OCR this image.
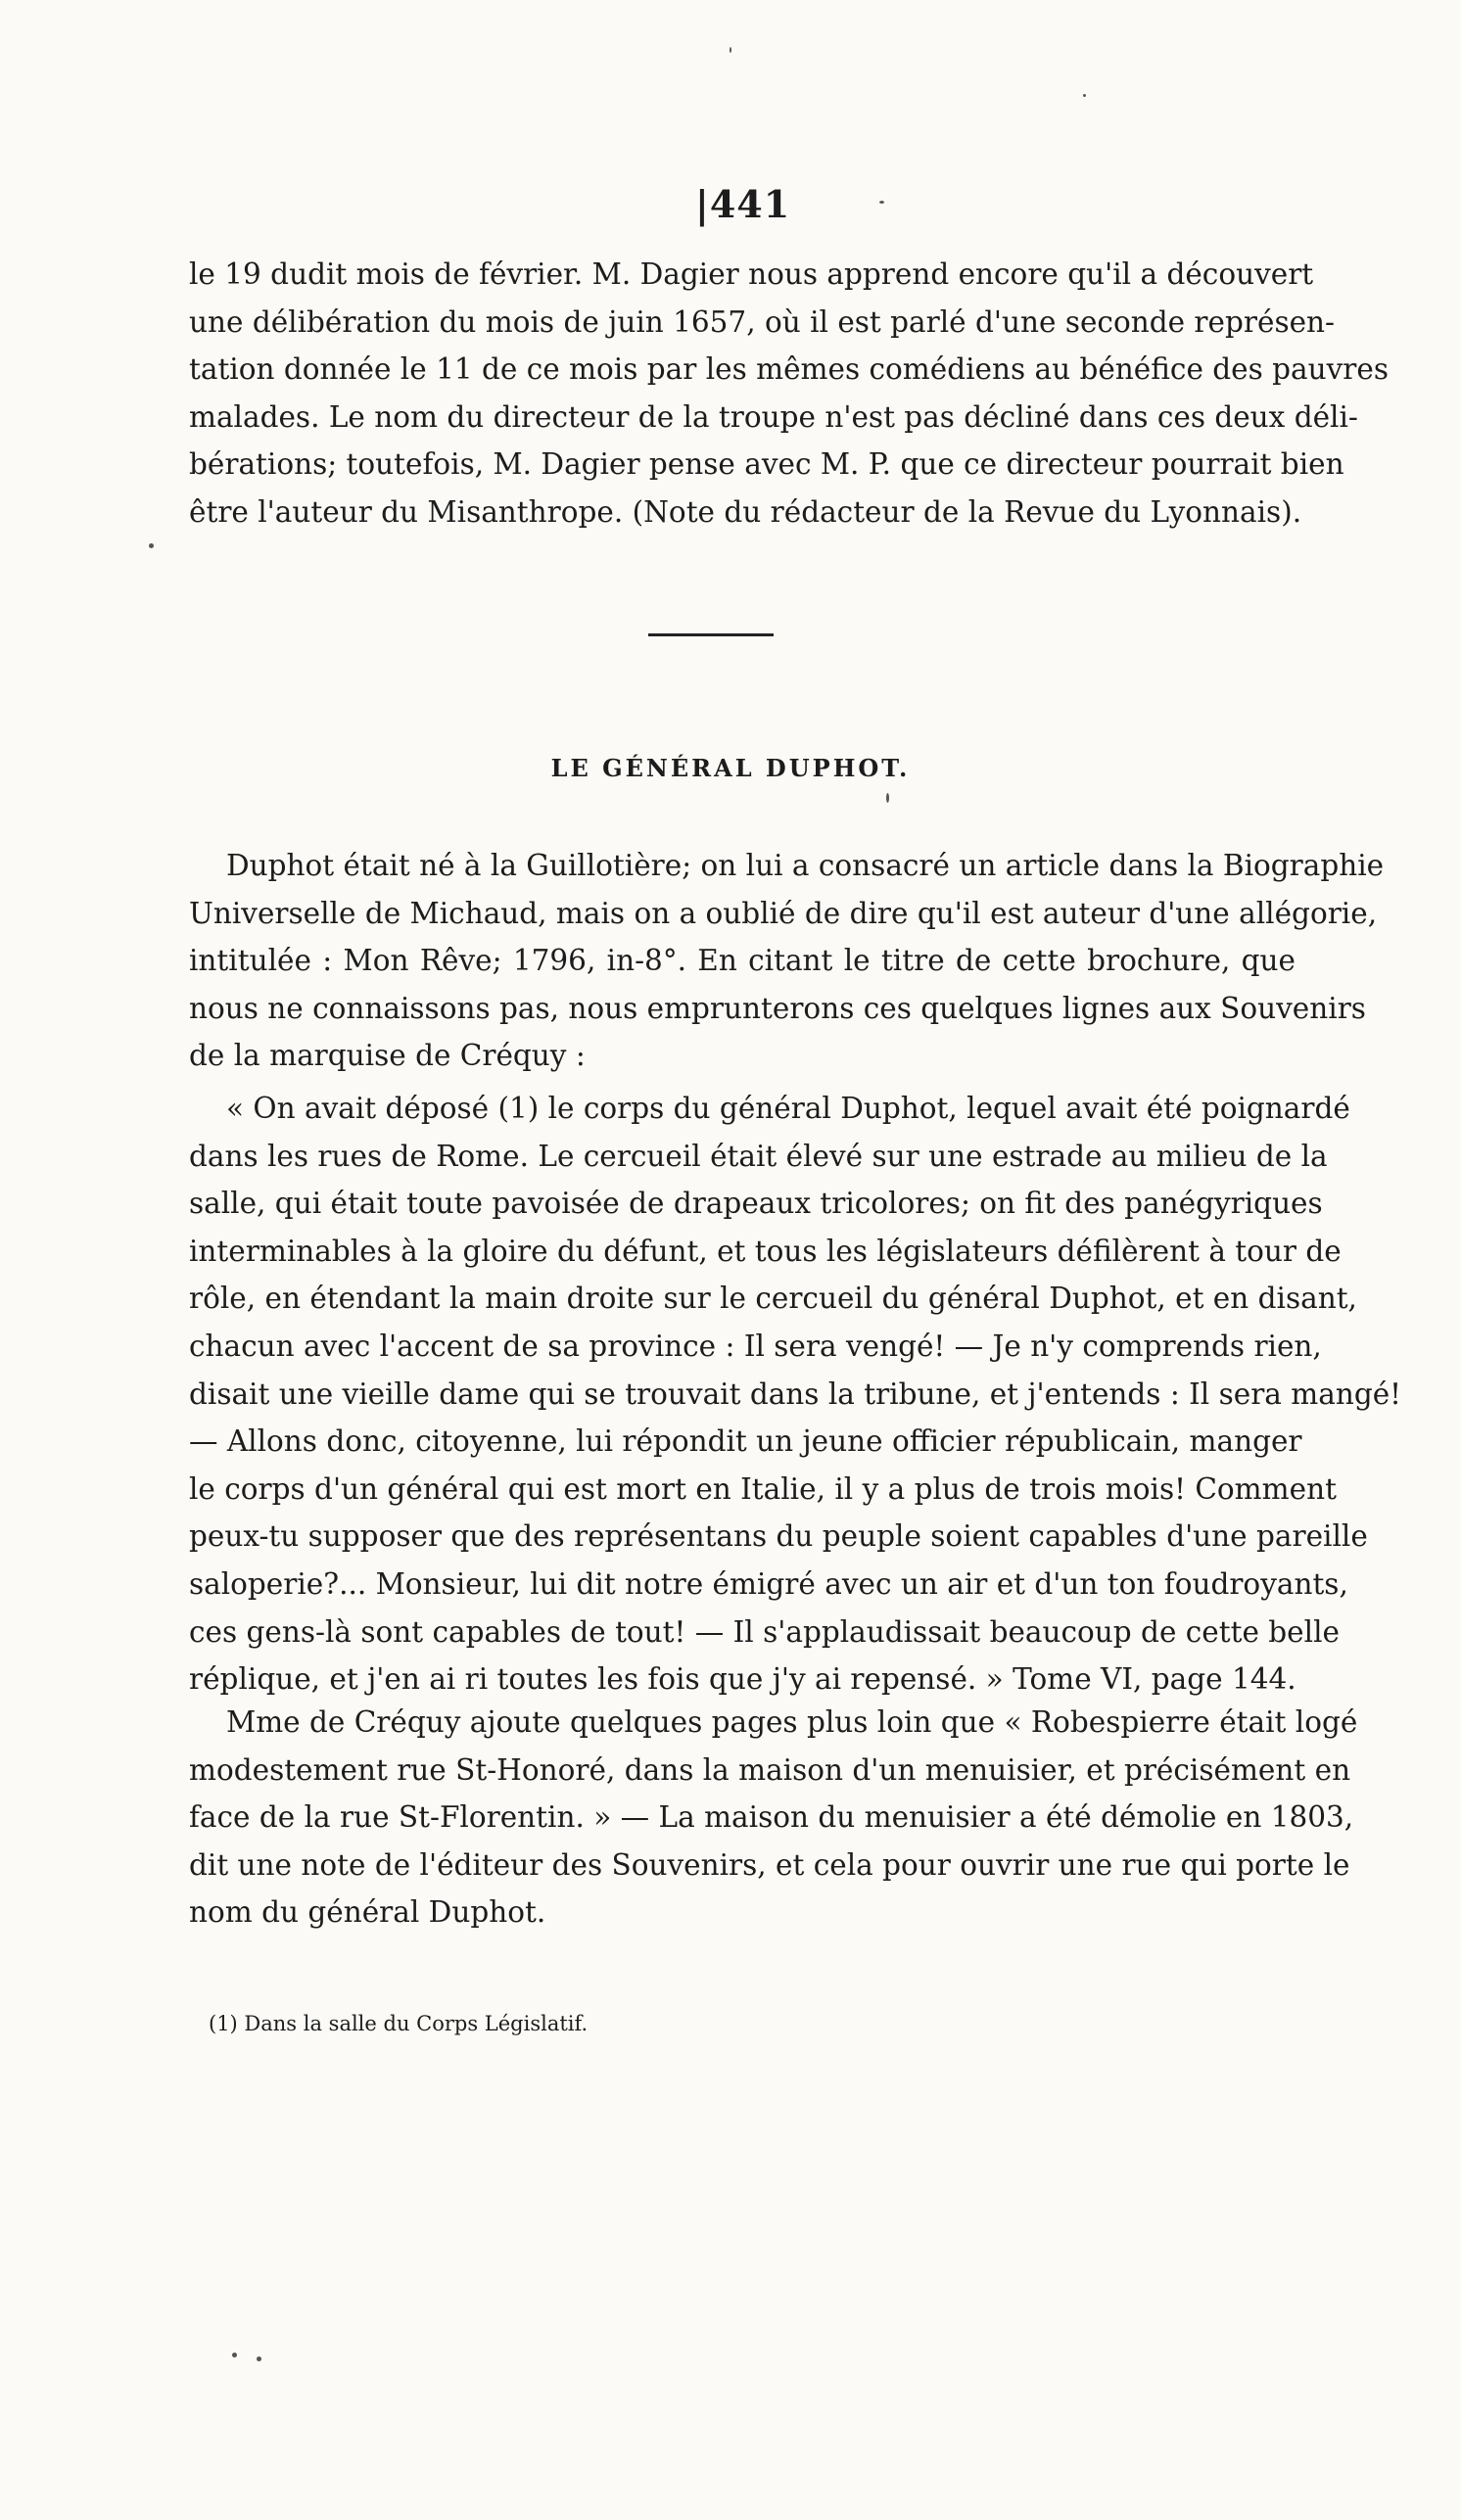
|441
le 19 dudit mois de février. M. Dagier nous apprend encore qu'il a découvert
une délibération du mois de juin 1657, où il est parlé d'une seconde représen-
tation donnée le 11 de ce mois par les mêmes comédiens au bénéfice des pauvres
malades. Le nom du directeur de la troupe n'est pas décliné dans ces deux déli-
bérations; toutefois, M. Dagier pense avec M. P. que ce directeur pourrait bien
être l'auteur du Misanthrope. (Note du rédacteur de la Revue du Lyonnais).
LE GÉNÉRAL DUPHOT.
Duphot était né à la Guillotière; on lui a consacré un article dans la Biographie
Universelle de Michaud, mais on a oublié de dire qu'il est auteur d'une allégorie,
intitulée : Mon Rêve; 1796, in-8°. En citant le titre de cette brochure, que
nous ne connaissons pas, nous emprunterons ces quelques lignes aux Souvenirs
de la marquise de Créquy :
« On avait déposé (1) le corps du général Duphot, lequel avait été poignardé
dans les rues de Rome. Le cercueil était élevé sur une estrade au milieu de la
salle, qui était toute pavoisée de drapeaux tricolores; on fit des panégyriques
interminables à la gloire du défunt, et tous les législateurs défilèrent à tour de
rôle, en étendant la main droite sur le cercueil du général Duphot, et en disant,
chacun avec l'accent de sa province : Il sera vengé! — Je n'y comprends rien,
disait une vieille dame qui se trouvait dans la tribune, et j'entends : Il sera mangé!
— Allons donc, citoyenne, lui répondit un jeune officier républicain, manger
le corps d'un général qui est mort en Italie, il y a plus de trois mois! Comment
peux-tu supposer que des représentans du peuple soient capables d'une pareille
saloperie?... Monsieur, lui dit notre émigré avec un air et d'un ton foudroyants,
ces gens-là sont capables de tout! — Il s'applaudissait beaucoup de cette belle
réplique, et j'en ai ri toutes les fois que j'y ai repensé. » Tome VI, page 144.
Mme de Créquy ajoute quelques pages plus loin que « Robespierre était logé
modestement rue St-Honoré, dans la maison d'un menuisier, et précisément en
face de la rue St-Florentin. » — La maison du menuisier a été démolie en 1803,
dit une note de l'éditeur des Souvenirs, et cela pour ouvrir une rue qui porte le
nom du général Duphot.
(1) Dans la salle du Corps Législatif.
